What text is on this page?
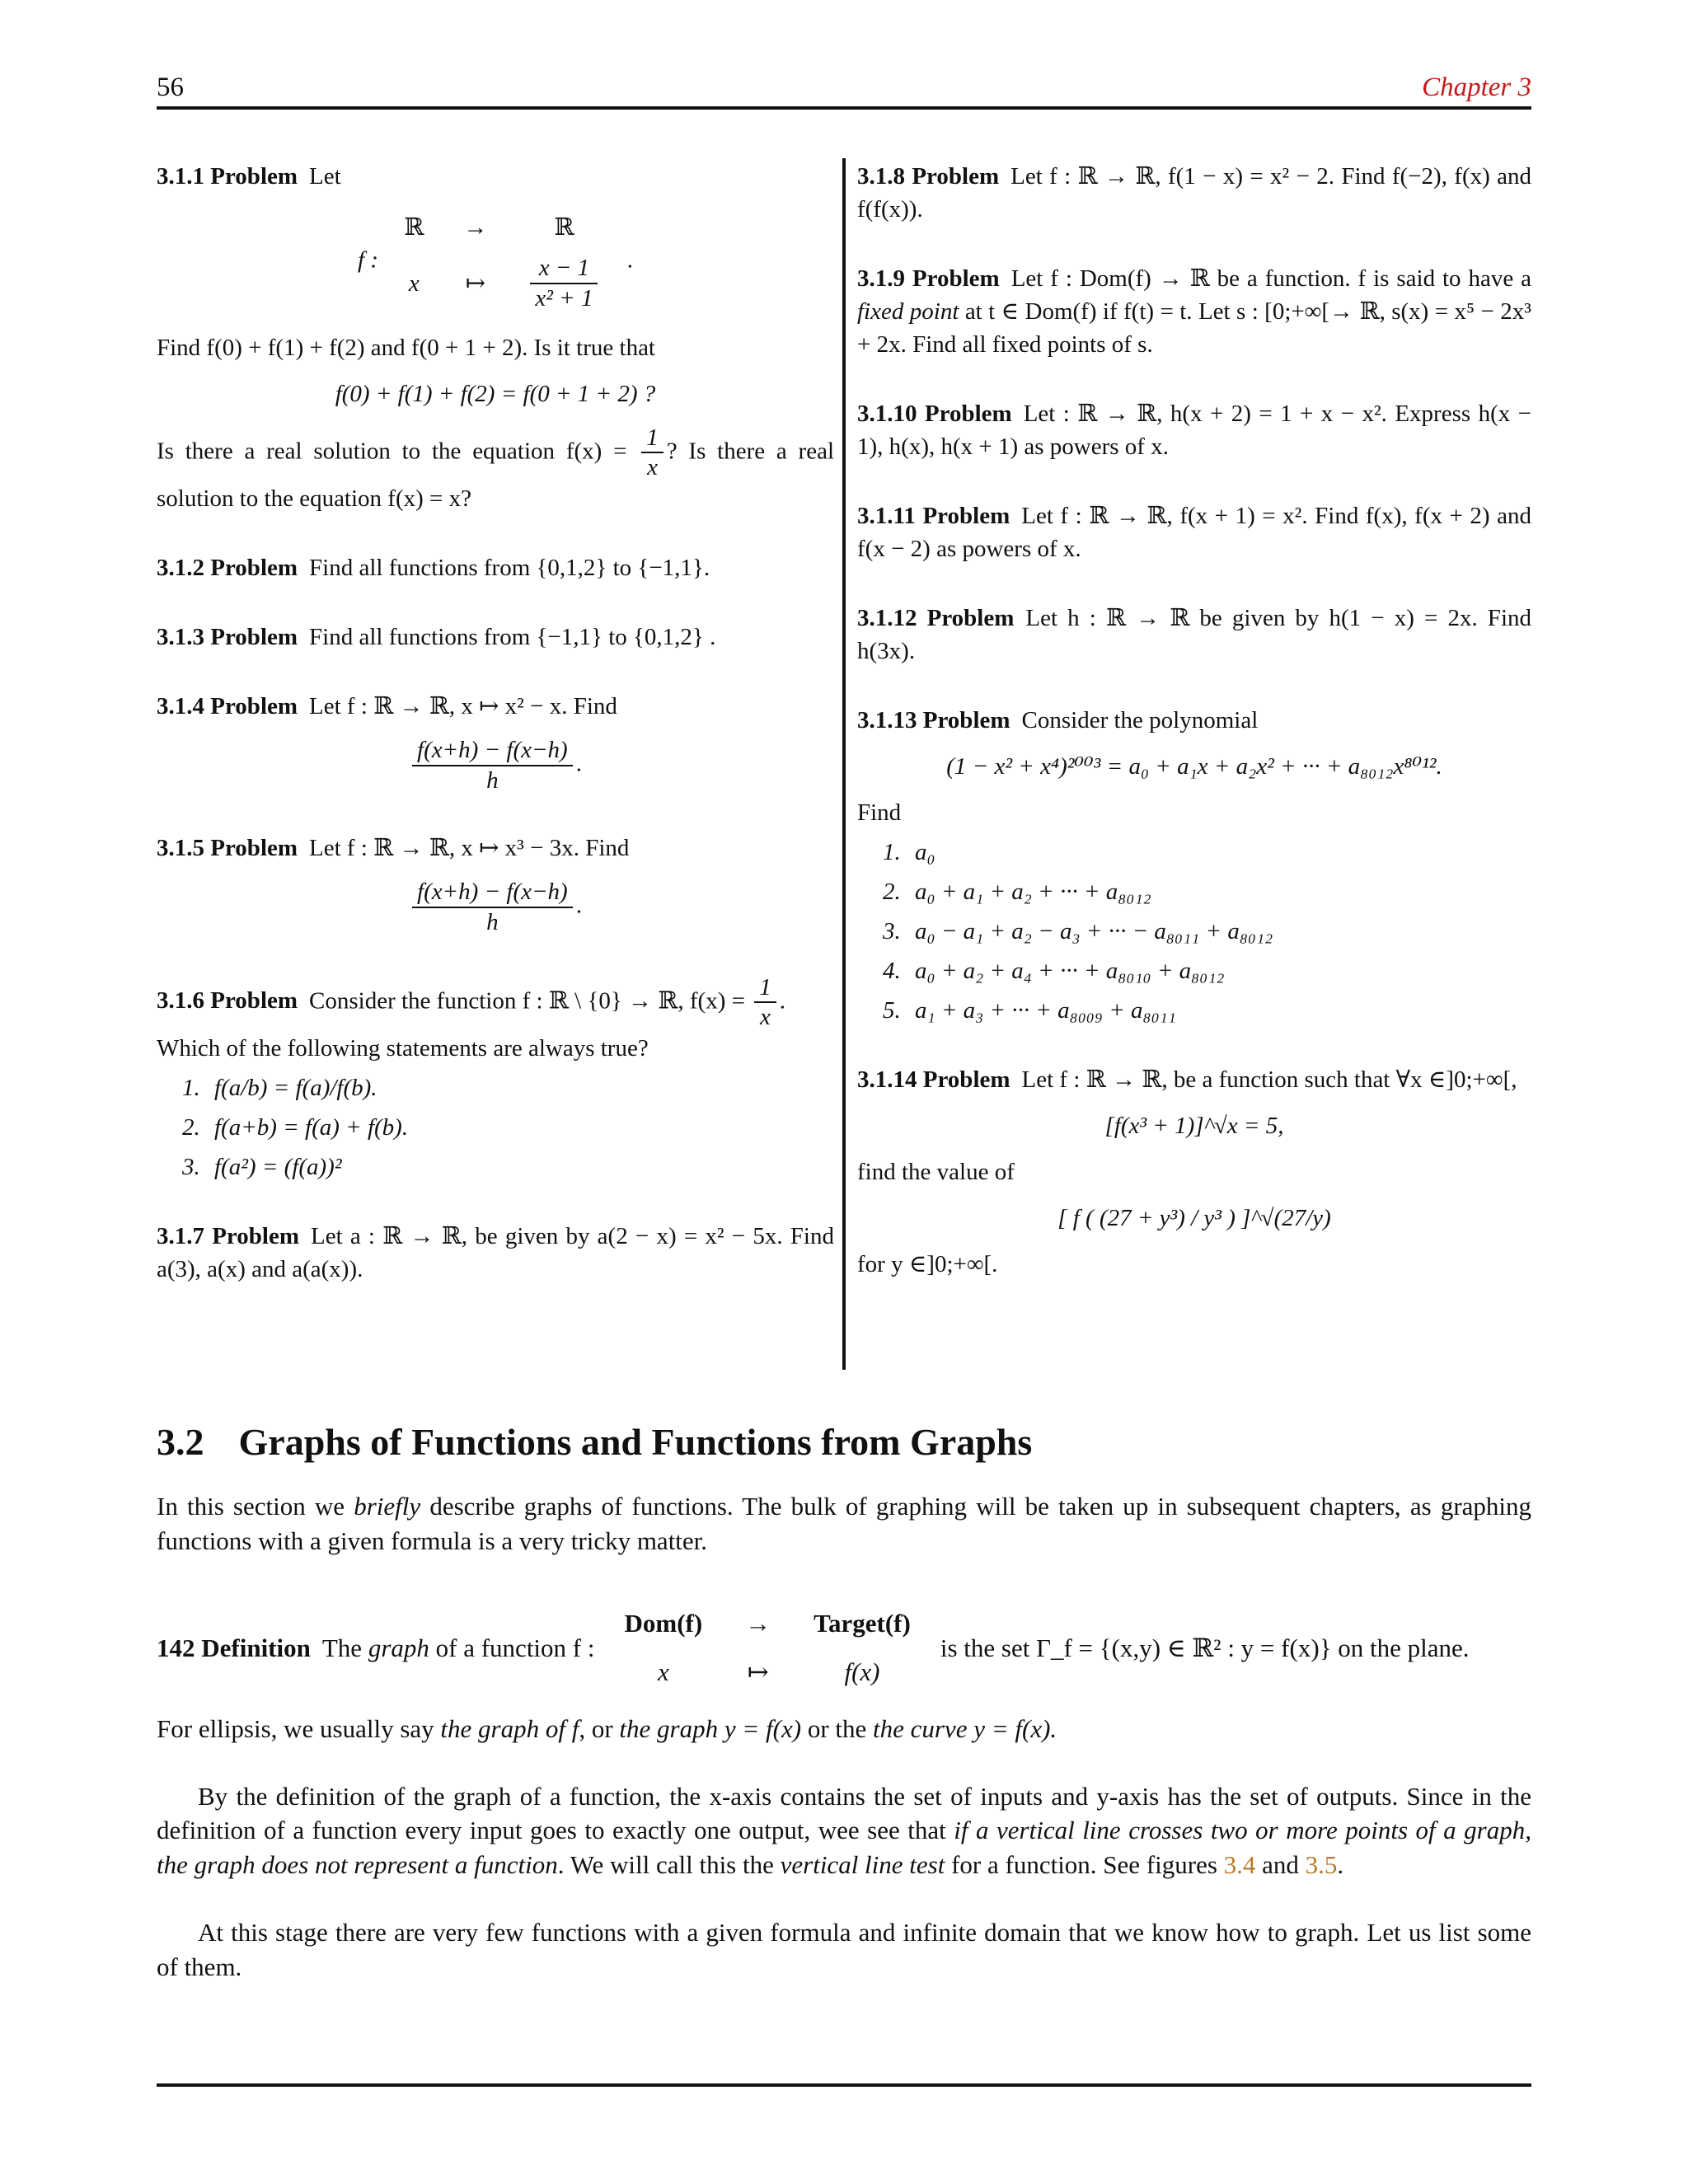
56	Chapter 3

3.1.1 Problem Let

f : ℝ	→	ℝ
x	↦	$\frac{x - 1}{\text{x² + 1}}$ .

Find f(0) + f(1) + f(2) and f(0 + 1 + 2). Is it true that

f(0) + f(1) + f(2) = f(0 + 1 + 2) ?

Is there a real solution to the equation $f(x) = \frac{1}{x}$ ? Is there a real solution to the equation f(x) = x?

3.1.2 Problem Find all functions from {0,1,2} to {−1,1}.

3.1.3 Problem Find all functions from {−1,1} to {0,1,2} .

3.1.4 Problem Let f : ℝ → ℝ, x ↦ x² − x. Find

$\frac{f(x+h) - f(x-h)}{h}$ .

3.1.5 Problem Let f : ℝ → ℝ, x ↦ x³ − 3x. Find

$\frac{f(x+h) - f(x-h)}{h}$ .

3.1.6 Problem Consider the function f : ℝ \ {0} → ℝ, $f(x) = \frac{1}{x}$ .

Which of the following statements are always true?

1. f(a/b) = f(a)/f(b).
2. f(a+b) = f(a) + f(b).
3. f(a²) = (f(a))²

3.1.7 Problem Let a : ℝ → ℝ, be given by a(2 − x) = x² − 5x. Find a(3), a(x) and a(a(x)).

3.1.8 Problem Let f : ℝ → ℝ, f(1 − x) = x² − 2. Find f(−2), f(x) and f(f(x)).

3.1.9 Problem Let f : Dom(f) → ℝ be a function. f is said to have a fixed point at t ∈ Dom(f) if f(t) = t. Let s : [0;+∞[→ ℝ, s(x) = x⁵ − 2x³ + 2x. Find all fixed points of s.

3.1.10 Problem Let : ℝ → ℝ, h(x + 2) = 1 + x − x². Express h(x − 1), h(x), h(x + 1) as powers of x.

3.1.11 Problem Let f : ℝ → ℝ, f(x + 1) = x². Find f(x), f(x + 2) and f(x − 2) as powers of x.

3.1.12 Problem Let h : ℝ → ℝ be given by h(1 − x) = 2x. Find h(3x).

3.1.13 Problem Consider the polynomial

(1 − x² + x⁴)²⁰⁰³ = a₀ + a₁x + a₂x² + ··· + a₈₀₁₂x⁸⁰¹².

Find

1. a₀
2. a₀ + a₁ + a₂ + ··· + a₈₀₁₂
3. a₀ − a₁ + a₂ − a₃ + ··· − a₈₀₁₁ + a₈₀₁₂
4. a₀ + a₂ + a₄ + ··· + a₈₀₁₀ + a₈₀₁₂
5. a₁ + a₃ + ··· + a₈₀₀₉ + a₈₀₁₁

3.1.14 Problem Let f : ℝ → ℝ, be a function such that ∀x ∈]0;+∞[,

[f(x³ + 1)]^√x = 5,

find the value of

[ f ( (27 + y³) / y³ ) ]^√(27/y)

for y ∈]0;+∞[.

3.2 Graphs of Functions and Functions from Graphs

In this section we briefly describe graphs of functions. The bulk of graphing will be taken up in subsequent chapters, as graphing functions with a given formula is a very tricky matter.

142 Definition The
graph
of a function f :
Dom(f)	→	Target(f)
x	↦	f(x)
is the set Γ_f = {(x,y) ∈ ℝ² : y = f(x)} on the plane.

For ellipsis, we usually say the graph of f, or the graph y = f(x) or the the curve y = f(x).

By the definition of the graph of a function, the x-axis contains the set of inputs and y-axis has the set of outputs. Since in the definition of a function every input goes to exactly one output, wee see that if a vertical line crosses two or more points of a graph, the graph does not represent a function. We will call this the vertical line test for a function. See figures 3.4 and 3.5.

At this stage there are very few functions with a given formula and infinite domain that we know how to graph. Let us list some of them.
